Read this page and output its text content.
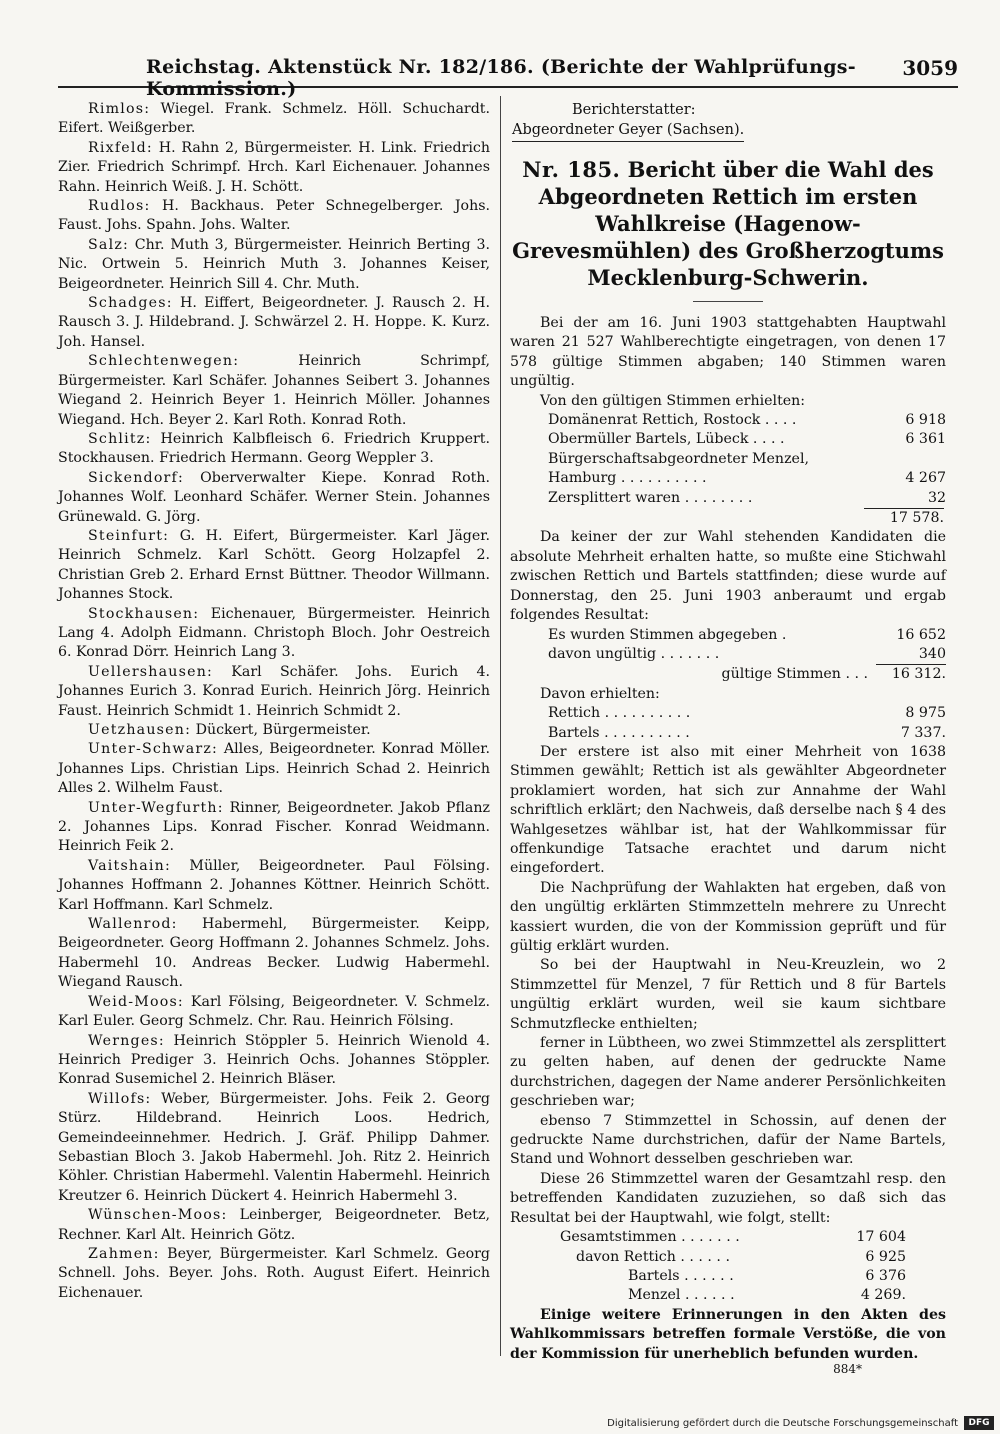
Reichstag. Aktenstück Nr. 182/186. (Berichte der Wahlprüfungs-Kommission.)
3059

Rimlos: Wiegel. Frank. Schmelz. Höll. Schuchardt. Eifert. Weißgerber.

Rixfeld: H. Rahn 2, Bürgermeister. H. Link. Friedrich Zier. Friedrich Schrimpf. Hrch. Karl Eichenauer. Johannes Rahn. Heinrich Weiß. J. H. Schött.

Rudlos: H. Backhaus. Peter Schnegelberger. Johs. Faust. Johs. Spahn. Johs. Walter.

Salz: Chr. Muth 3, Bürgermeister. Heinrich Berting 3. Nic. Ortwein 5. Heinrich Muth 3. Johannes Keiser, Beigeordneter. Heinrich Sill 4. Chr. Muth.

Schadges: H. Eiffert, Beigeordneter. J. Rausch 2. H. Rausch 3. J. Hildebrand. J. Schwärzel 2. H. Hoppe. K. Kurz. Joh. Hansel.

Schlechtenwegen: Heinrich Schrimpf, Bürgermeister. Karl Schäfer. Johannes Seibert 3. Johannes Wiegand 2. Heinrich Beyer 1. Heinrich Möller. Johannes Wiegand. Hch. Beyer 2. Karl Roth. Konrad Roth.

Schlitz: Heinrich Kalbfleisch 6. Friedrich Kruppert. Stockhausen. Friedrich Hermann. Georg Weppler 3.

Sickendorf: Oberverwalter Kiepe. Konrad Roth. Johannes Wolf. Leonhard Schäfer. Werner Stein. Johannes Grünewald. G. Jörg.

Steinfurt: G. H. Eifert, Bürgermeister. Karl Jäger. Heinrich Schmelz. Karl Schött. Georg Holzapfel 2. Christian Greb 2. Erhard Ernst Büttner. Theodor Willmann. Johannes Stock.

Stockhausen: Eichenauer, Bürgermeister. Heinrich Lang 4. Adolph Eidmann. Christoph Bloch. Johr Oestreich 6. Konrad Dörr. Heinrich Lang 3.

Uellershausen: Karl Schäfer. Johs. Eurich 4. Johannes Eurich 3. Konrad Eurich. Heinrich Jörg. Heinrich Faust. Heinrich Schmidt 1. Heinrich Schmidt 2.

Uetzhausen: Dückert, Bürgermeister.

Unter-Schwarz: Alles, Beigeordneter. Konrad Möller. Johannes Lips. Christian Lips. Heinrich Schad 2. Heinrich Alles 2. Wilhelm Faust.

Unter-Wegfurth: Rinner, Beigeordneter. Jakob Pflanz 2. Johannes Lips. Konrad Fischer. Konrad Weidmann. Heinrich Feik 2.

Vaitshain: Müller, Beigeordneter. Paul Fölsing. Johannes Hoffmann 2. Johannes Köttner. Heinrich Schött. Karl Hoffmann. Karl Schmelz.

Wallenrod: Habermehl, Bürgermeister. Keipp, Beigeordneter. Georg Hoffmann 2. Johannes Schmelz. Johs. Habermehl 10. Andreas Becker. Ludwig Habermehl. Wiegand Rausch.

Weid-Moos: Karl Fölsing, Beigeordneter. V. Schmelz. Karl Euler. Georg Schmelz. Chr. Rau. Heinrich Fölsing.

Wernges: Heinrich Stöppler 5. Heinrich Wienold 4. Heinrich Prediger 3. Heinrich Ochs. Johannes Stöppler. Konrad Susemichel 2. Heinrich Bläser.

Willofs: Weber, Bürgermeister. Johs. Feik 2. Georg Stürz. Hildebrand. Heinrich Loos. Hedrich, Gemeindeeinnehmer. Hedrich. J. Gräf. Philipp Dahmer. Sebastian Bloch 3. Jakob Habermehl. Joh. Ritz 2. Heinrich Köhler. Christian Habermehl. Valentin Habermehl. Heinrich Kreutzer 6. Heinrich Dückert 4. Heinrich Habermehl 3.

Wünschen-Moos: Leinberger, Beigeordneter. Betz, Rechner. Karl Alt. Heinrich Götz.

Zahmen: Beyer, Bürgermeister. Karl Schmelz. Georg Schnell. Johs. Beyer. Johs. Roth. August Eifert. Heinrich Eichenauer.

Berichterstatter:
Abgeordneter Geyer (Sachsen).
Nr. 185. Bericht über die Wahl des Abgeordneten Rettich im ersten Wahlkreise (Hagenow-Grevesmühlen) des Großherzogtums Mecklenburg-Schwerin.

Bei der am 16. Juni 1903 stattgehabten Hauptwahl waren 21 527 Wahlberechtigte eingetragen, von denen 17 578 gültige Stimmen abgaben; 140 Stimmen waren ungültig.

Von den gültigen Stimmen erhielten:

Domänenrat Rettich, Rostock . . . .	6 918
Obermüller Bartels, Lübeck . . . .	6 361
Bürgerschaftsabgeordneter Menzel, Hamburg . . . . . . . . . .	4 267
Zersplittert waren . . . . . . . .	32
17 578.

Da keiner der zur Wahl stehenden Kandidaten die absolute Mehrheit erhalten hatte, so mußte eine Stichwahl zwischen Rettich und Bartels stattfinden; diese wurde auf Donnerstag, den 25. Juni 1903 anberaumt und ergab folgendes Resultat:

Es wurden Stimmen abgegeben .	16 652
davon ungültig . . . . . . .	340
gültige Stimmen . . .	16 312.

Davon erhielten:

Rettich . . . . . . . . . .	8 975
Bartels . . . . . . . . . .	7 337.

Der erstere ist also mit einer Mehrheit von 1638 Stimmen gewählt; Rettich ist als gewählter Abgeordneter proklamiert worden, hat sich zur Annahme der Wahl schriftlich erklärt; den Nachweis, daß derselbe nach § 4 des Wahlgesetzes wählbar ist, hat der Wahlkommissar für offenkundige Tatsache erachtet und darum nicht eingefordert.

Die Nachprüfung der Wahlakten hat ergeben, daß von den ungültig erklärten Stimmzetteln mehrere zu Unrecht kassiert wurden, die von der Kommission geprüft und für gültig erklärt wurden.

So bei der Hauptwahl in Neu-Kreuzlein, wo 2 Stimmzettel für Menzel, 7 für Rettich und 8 für Bartels ungültig erklärt wurden, weil sie kaum sichtbare Schmutzflecke enthielten;

ferner in Lübtheen, wo zwei Stimmzettel als zersplittert zu gelten haben, auf denen der gedruckte Name durchstrichen, dagegen der Name anderer Persönlichkeiten geschrieben war;

ebenso 7 Stimmzettel in Schossin, auf denen der gedruckte Name durchstrichen, dafür der Name Bartels, Stand und Wohnort desselben geschrieben war.

Diese 26 Stimmzettel waren der Gesamtzahl resp. den betreffenden Kandidaten zuzuziehen, so daß sich das Resultat bei der Hauptwahl, wie folgt, stellt:

Gesamtstimmen . . . . . . .	17 604
davon Rettich . . . . . .	6 925
Bartels . . . . . .	6 376
Menzel . . . . . .	4 269.

Einige weitere Erinnerungen in den Akten des Wahlkommissars betreffen formale Verstöße, die von der Kommission für unerheblich befunden wurden.

884*
Digitalisierung gefördert durch die Deutsche Forschungsgemeinschaft	DFG
